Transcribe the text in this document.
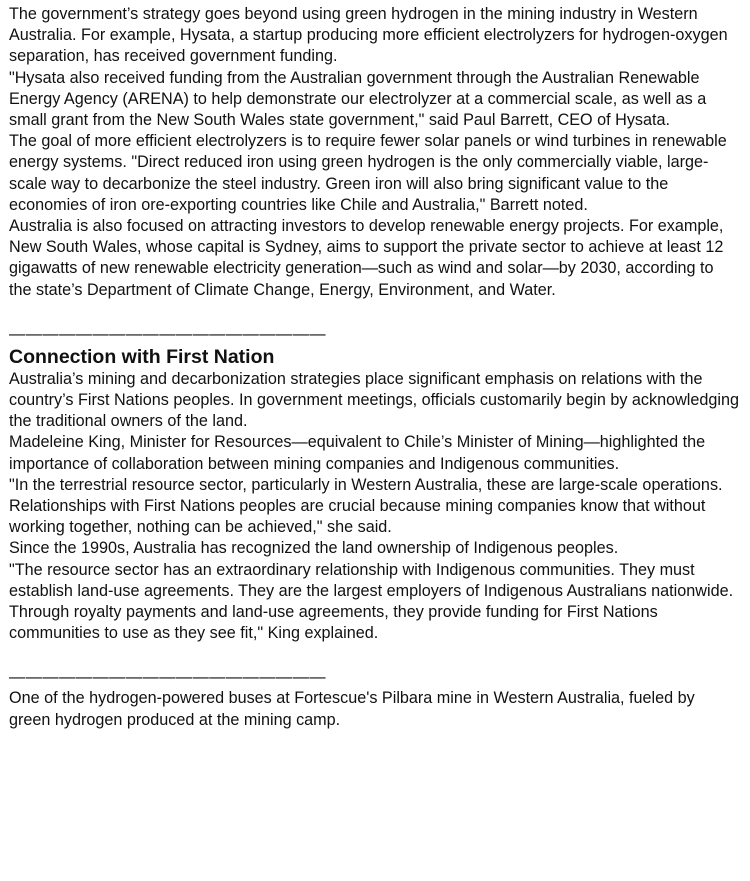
The government’s strategy goes beyond using green hydrogen in the mining industry in Western Australia. For example, Hysata, a startup producing more efficient electrolyzers for hydrogen-oxygen separation, has received government funding.

"Hysata also received funding from the Australian government through the Australian Renewable Energy Agency (ARENA) to help demonstrate our electrolyzer at a commercial scale, as well as a small grant from the New South Wales state government," said Paul Barrett, CEO of Hysata.

The goal of more efficient electrolyzers is to require fewer solar panels or wind turbines in renewable energy systems. "Direct reduced iron using green hydrogen is the only commercially viable, large-scale way to decarbonize the steel industry. Green iron will also bring significant value to the economies of iron ore-exporting countries like Chile and Australia," Barrett noted.

Australia is also focused on attracting investors to develop renewable energy projects. For example, New South Wales, whose capital is Sydney, aims to support the private sector to achieve at least 12 gigawatts of new renewable electricity generation—such as wind and solar—by 2030, according to the state’s Department of Climate Change, Energy, Environment, and Water.

———————————————————

Connection with First Nation

Australia’s mining and decarbonization strategies place significant emphasis on relations with the country’s First Nations peoples. In government meetings, officials customarily begin by acknowledging the traditional owners of the land.

Madeleine King, Minister for Resources—equivalent to Chile’s Minister of Mining—highlighted the importance of collaboration between mining companies and Indigenous communities.

"In the terrestrial resource sector, particularly in Western Australia, these are large-scale operations. Relationships with First Nations peoples are crucial because mining companies know that without working together, nothing can be achieved," she said.

Since the 1990s, Australia has recognized the land ownership of Indigenous peoples.

"The resource sector has an extraordinary relationship with Indigenous communities. They must establish land-use agreements. They are the largest employers of Indigenous Australians nationwide. Through royalty payments and land-use agreements, they provide funding for First Nations communities to use as they see fit," King explained.

———————————————————

One of the hydrogen-powered buses at Fortescue's Pilbara mine in Western Australia, fueled by green hydrogen produced at the mining camp.
